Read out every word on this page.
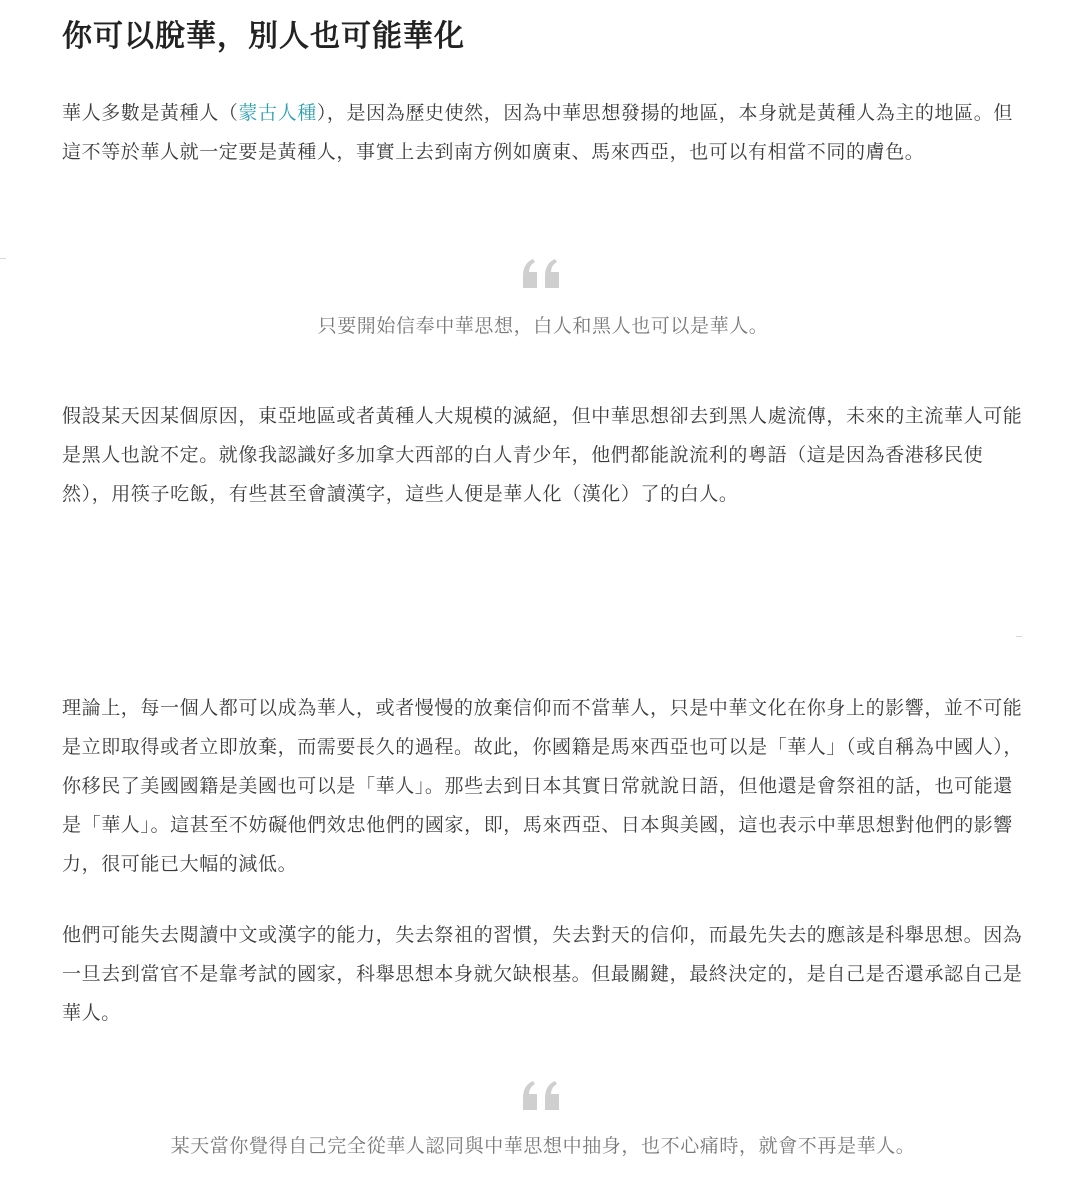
你可以脫華，別人也可能華化

華人多數是黃種人（蒙古人種），是因為歷史使然，因為中華思想發揚的地區，本身就是黃種人為主的地區。但這不等於華人就一定要是黃種人，事實上去到南方例如廣東、馬來西亞，也可以有相當不同的膚色。

只要開始信奉中華思想，白人和黑人也可以是華人。

假設某天因某個原因，東亞地區或者黃種人大規模的滅絕，但中華思想卻去到黑人處流傳，未來的主流華人可能是黑人也說不定。就像我認識好多加拿大西部的白人青少年，他們都能說流利的粵語（這是因為香港移民使然），用筷子吃飯，有些甚至會讀漢字，這些人便是華人化（漢化）了的白人。

理論上，每一個人都可以成為華人，或者慢慢的放棄信仰而不當華人，只是中華文化在你身上的影響，並不可能是立即取得或者立即放棄，而需要長久的過程。故此，你國籍是馬來西亞也可以是「華人」（或自稱為中國人），你移民了美國國籍是美國也可以是「華人」。那些去到日本其實日常就說日語，但他還是會祭祖的話，也可能還是「華人」。這甚至不妨礙他們效忠他們的國家，即，馬來西亞、日本與美國，這也表示中華思想對他們的影響力，很可能已大幅的減低。

他們可能失去閱讀中文或漢字的能力，失去祭祖的習慣，失去對天的信仰，而最先失去的應該是科舉思想。因為一旦去到當官不是靠考試的國家，科舉思想本身就欠缺根基。但最關鍵，最終決定的，是自己是否還承認自己是華人。

某天當你覺得自己完全從華人認同與中華思想中抽身，也不心痛時，就會不再是華人。
